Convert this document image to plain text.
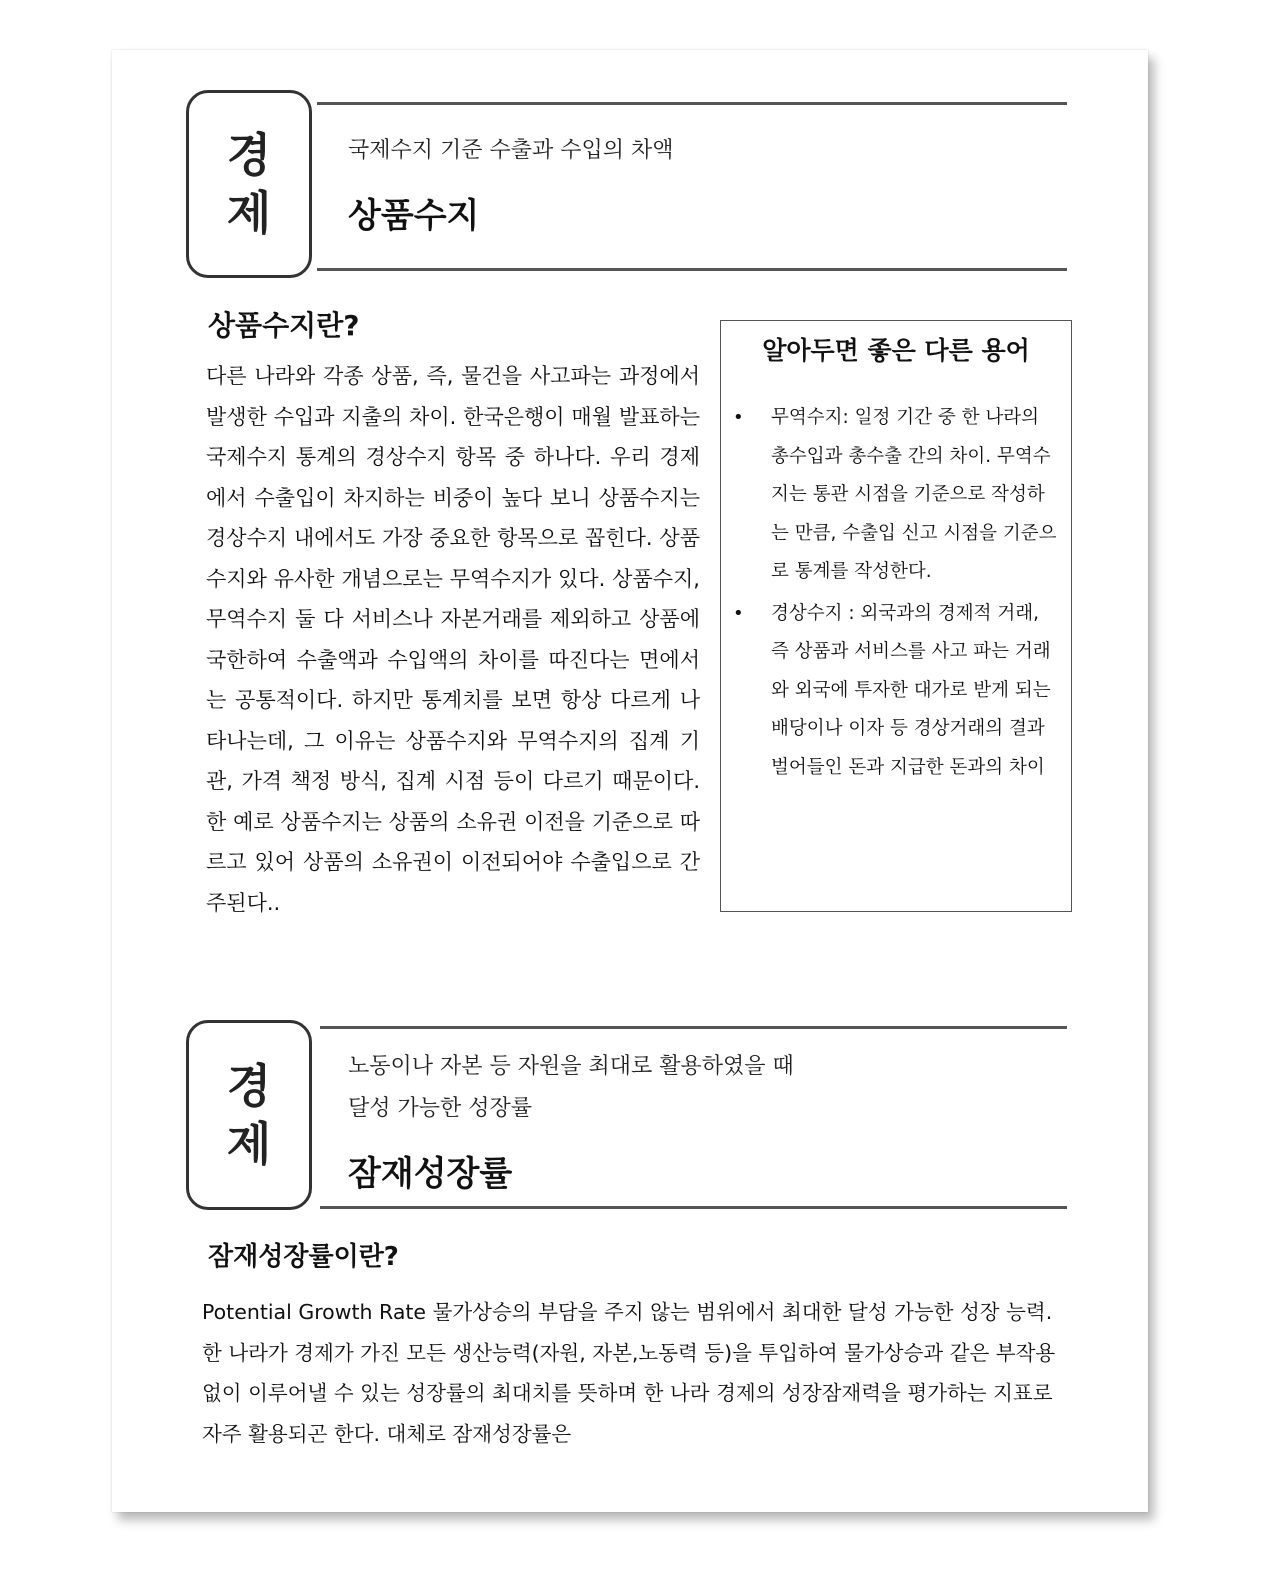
경
제
국제수지 기준 수출과 수입의 차액
상품수지
상품수지란?

다른 나라와 각종 상품, 즉, 물건을 사고파는 과정에서 발생한 수입과 지출의 차이. 한국은행이 매월 발표하는 국제수지 통계의 경상수지 항목 중 하나다. 우리 경제에서 수출입이 차지하는 비중이 높다 보니 상품수지는 경상수지 내에서도 가장 중요한 항목으로 꼽힌다. 상품수지와 유사한 개념으로는 무역수지가 있다. 상품수지, 무역수지 둘 다 서비스나 자본거래를 제외하고 상품에 국한하여 수출액과 수입액의 차이를 따진다는 면에서는 공통적이다. 하지만 통계치를 보면 항상 다르게 나타나는데, 그 이유는 상품수지와 무역수지의 집계 기관, 가격 책정 방식, 집계 시점 등이 다르기 때문이다. 한 예로 상품수지는 상품의 소유권 이전을 기준으로 따르고 있어 상품의 소유권이 이전되어야 수출입으로 간주된다..

알아두면 좋은 다른 용어
• 무역수지: 일정 기간 중 한 나라의 총수입과 총수출 간의 차이. 무역수지는 통관 시점을 기준으로 작성하는 만큼, 수출입 신고 시점을 기준으로 통계를 작성한다.
• 경상수지 : 외국과의 경제적 거래, 즉 상품과 서비스를 사고 파는 거래와 외국에 투자한 대가로 받게 되는 배당이나 이자 등 경상거래의 결과 벌어들인 돈과 지급한 돈과의 차이
경
제
노동이나 자본 등 자원을 최대로 활용하였을 때
달성 가능한 성장률
잠재성장률
잠재성장률이란?

Potential Growth Rate 물가상승의 부담을 주지 않는 범위에서 최대한 달성 가능한 성장 능력. 한 나라가 경제가 가진 모든 생산능력(자원, 자본,노동력 등)을 투입하여 물가상승과 같은 부작용 없이 이루어낼 수 있는 성장률의 최대치를 뜻하며 한 나라 경제의 성장잠재력을 평가하는 지표로 자주 활용되곤 한다. 대체로 잠재성장률은
